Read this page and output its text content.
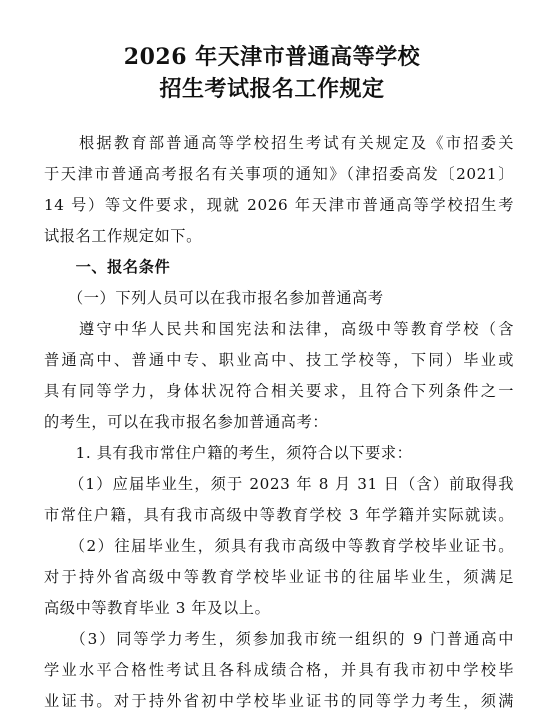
2026 年天津市普通高等学校
招生考试报名工作规定
　　根据教育部普通高等学校招生考试有关规定及《市招委关
于天津市普通高考报名有关事项的通知》（津招委高发〔2021〕
14 号）等文件要求，现就 2026 年天津市普通高等学校招生考
试报名工作规定如下。
　　一、报名条件
　　（一）下列人员可以在我市报名参加普通高考
　　遵守中华人民共和国宪法和法律，高级中等教育学校（含
普通高中、普通中专、职业高中、技工学校等，下同）毕业或
具有同等学力，身体状况符合相关要求，且符合下列条件之一
的考生，可以在我市报名参加普通高考：
　　1. 具有我市常住户籍的考生，须符合以下要求：
　　（1）应届毕业生，须于 2023 年 8 月 31 日（含）前取得我
市常住户籍，具有我市高级中等教育学校 3 年学籍并实际就读。
　　（2）往届毕业生，须具有我市高级中等教育学校毕业证书。
对于持外省高级中等教育学校毕业证书的往届毕业生，须满足
高级中等教育毕业 3 年及以上。
　　（3）同等学力考生，须参加我市统一组织的 9 门普通高中
学业水平合格性考试且各科成绩合格，并具有我市初中学校毕
业证书。对于持外省初中学校毕业证书的同等学力考生，须满
